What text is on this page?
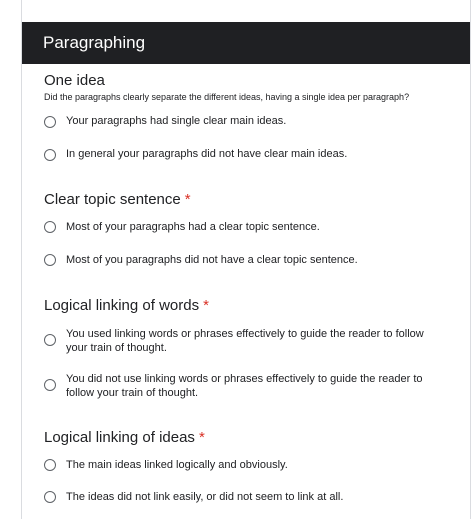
Paragraphing
One idea
Did the paragraphs clearly separate the different ideas, having a single idea per paragraph?
Your paragraphs had single clear main ideas.
In general your paragraphs did not have clear main ideas.
Clear topic sentence *
Most of your paragraphs had a clear topic sentence.
Most of you paragraphs did not have a clear topic sentence.
Logical linking of words *
You used linking words or phrases effectively to guide the reader to follow your train of thought.
You did not use linking words or phrases effectively to guide the reader to follow your train of thought.
Logical linking of ideas *
The main ideas linked logically and obviously.
The ideas did not link easily, or did not seem to link at all.
